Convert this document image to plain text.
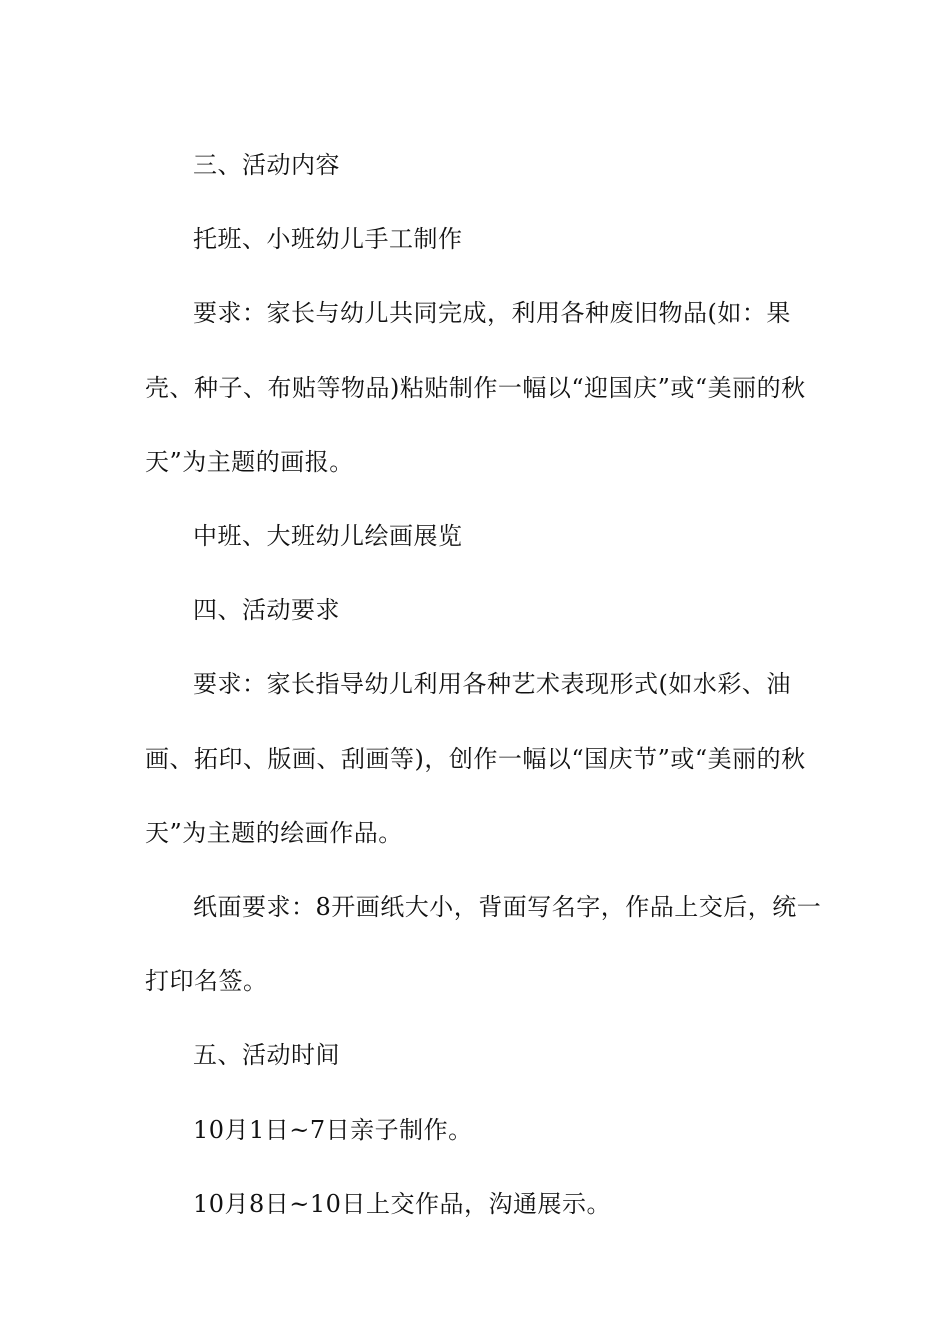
三、活动内容

托班、小班幼儿手工制作

要求：家长与幼儿共同完成，利用各种废旧物品(如：果壳、种子、布贴等物品)粘贴制作一幅以“迎国庆”或“美丽的秋天”为主题的画报。

中班、大班幼儿绘画展览

四、活动要求

要求：家长指导幼儿利用各种艺术表现形式(如水彩、油画、拓印、版画、刮画等)，创作一幅以“国庆节”或“美丽的秋天”为主题的绘画作品。

纸面要求：8开画纸大小，背面写名字，作品上交后，统一打印名签。

五、活动时间

10月1日~7日亲子制作。

10月8日~10日上交作品，沟通展示。
